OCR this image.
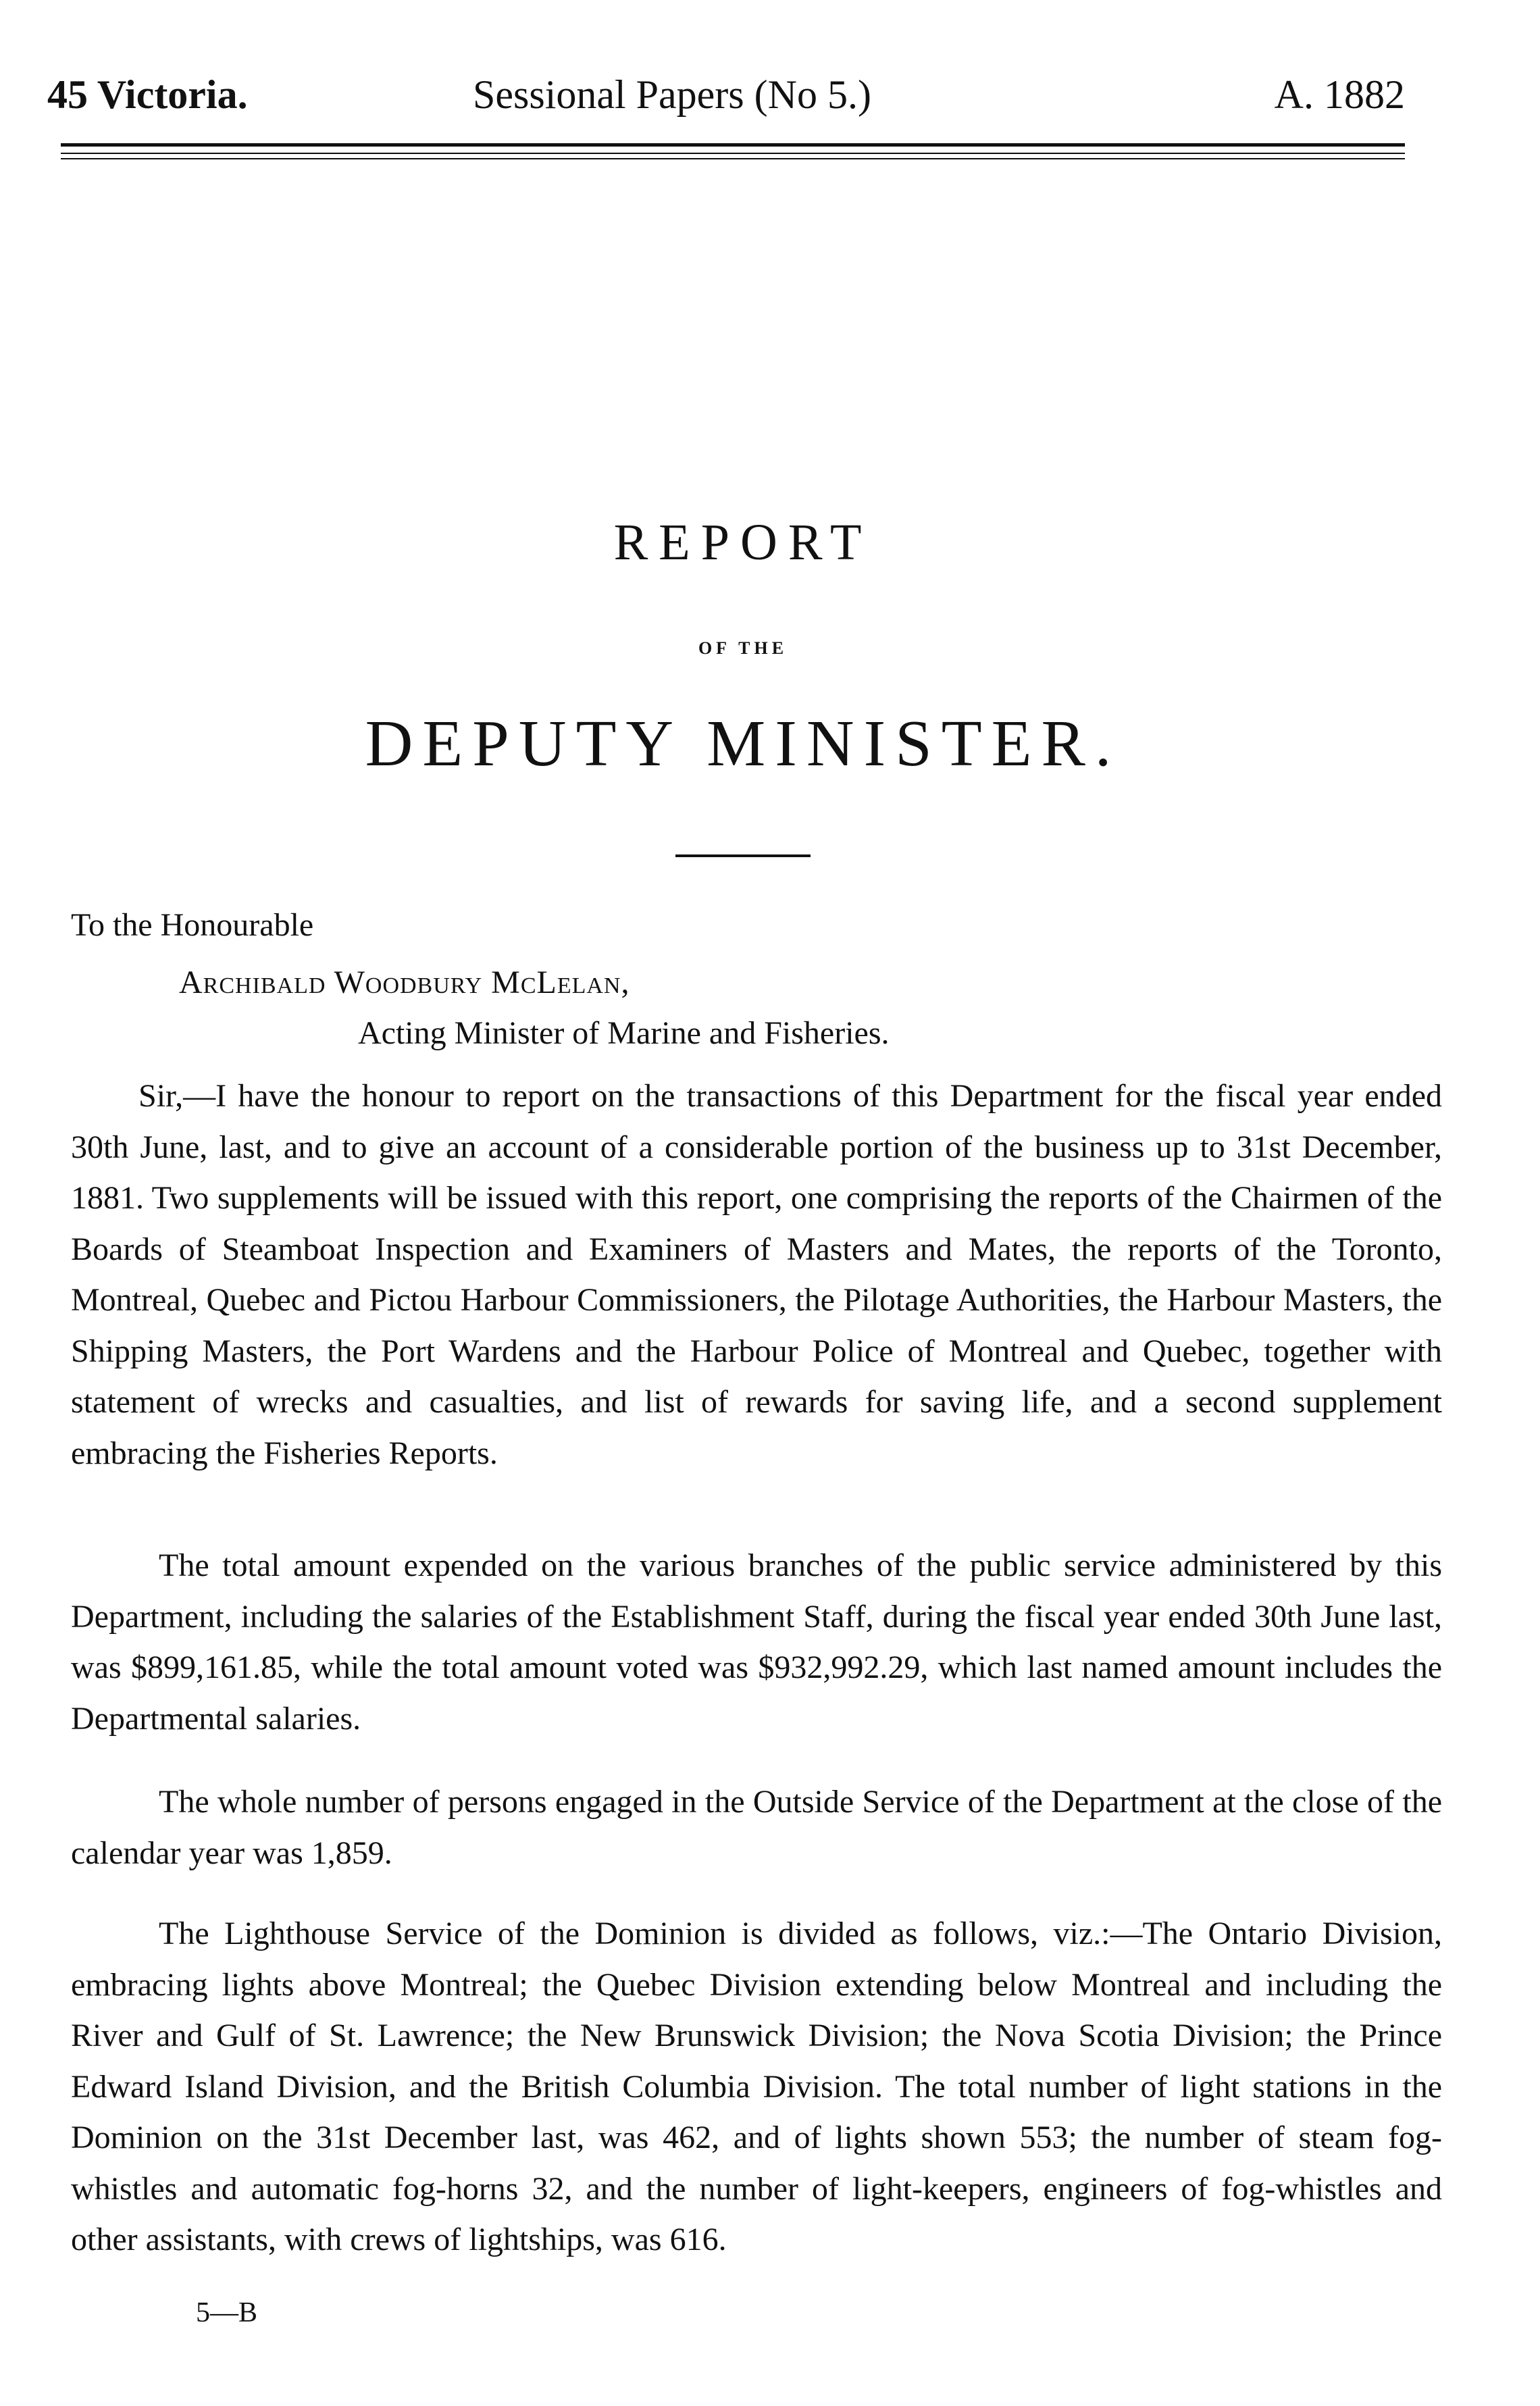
45 Victoria.	Sessional Papers (No 5.)	A. 1882
REPORT
OF THE
DEPUTY MINISTER.
To the Honourable
Archibald Woodbury McLelan,
Acting Minister of Marine and Fisheries.
Sir,—I have the honour to report on the transactions of this Department for the fiscal year ended 30th June, last, and to give an account of a considerable portion of the business up to 31st December, 1881. Two supplements will be issued with this report, one comprising the reports of the Chairmen of the Boards of Steamboat Inspection and Examiners of Masters and Mates, the reports of the Toronto, Montreal, Quebec and Pictou Harbour Commissioners, the Pilotage Authorities, the Harbour Masters, the Shipping Masters, the Port Wardens and the Harbour Police of Montreal and Quebec, together with statement of wrecks and casualties, and list of rewards for saving life, and a second supplement embracing the Fisheries Reports.
The total amount expended on the various branches of the public service administered by this Department, including the salaries of the Establishment Staff, during the fiscal year ended 30th June last, was $899,161.85, while the total amount voted was $932,992.29, which last named amount includes the Departmental salaries.
The whole number of persons engaged in the Outside Service of the Department at the close of the calendar year was 1,859.
The Lighthouse Service of the Dominion is divided as follows, viz.:—The Ontario Division, embracing lights above Montreal; the Quebec Division extending below Montreal and including the River and Gulf of St. Lawrence; the New Brunswick Division; the Nova Scotia Division; the Prince Edward Island Division, and the British Columbia Division. The total number of light stations in the Dominion on the 31st December last, was 462, and of lights shown 553; the number of steam fog-whistles and automatic fog-horns 32, and the number of light-keepers, engineers of fog-whistles and other assistants, with crews of lightships, was 616.
5—B
